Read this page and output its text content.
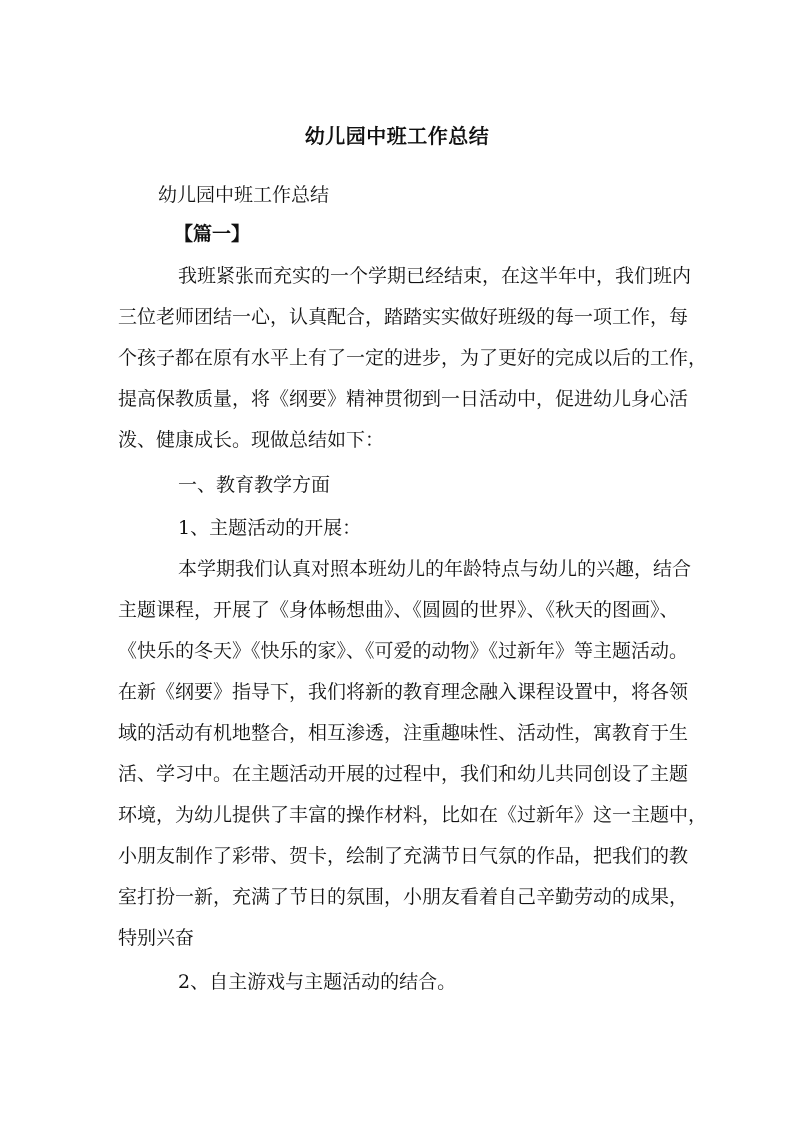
幼儿园中班工作总结
幼儿园中班工作总结
【篇一】
我班紧张而充实的一个学期已经结束，在这半年中，我们班内
三位老师团结一心，认真配合，踏踏实实做好班级的每一项工作，每
个孩子都在原有水平上有了一定的进步，为了更好的完成以后的工作，
提高保教质量，将《纲要》精神贯彻到一日活动中，促进幼儿身心活
泼、健康成长。现做总结如下：
一、教育教学方面
1、主题活动的开展：
本学期我们认真对照本班幼儿的年龄特点与幼儿的兴趣，结合
主题课程，开展了《身体畅想曲》、《圆圆的世界》、《秋天的图画》、
《快乐的冬天》《快乐的家》、《可爱的动物》《过新年》等主题活动。
在新《纲要》指导下，我们将新的教育理念融入课程设置中，将各领
域的活动有机地整合，相互渗透，注重趣味性、活动性，寓教育于生
活、学习中。在主题活动开展的过程中，我们和幼儿共同创设了主题
环境，为幼儿提供了丰富的操作材料，比如在《过新年》这一主题中，
小朋友制作了彩带、贺卡，绘制了充满节日气氛的作品，把我们的教
室打扮一新，充满了节日的氛围，小朋友看着自己辛勤劳动的成果，
特别兴奋
2、自主游戏与主题活动的结合。
